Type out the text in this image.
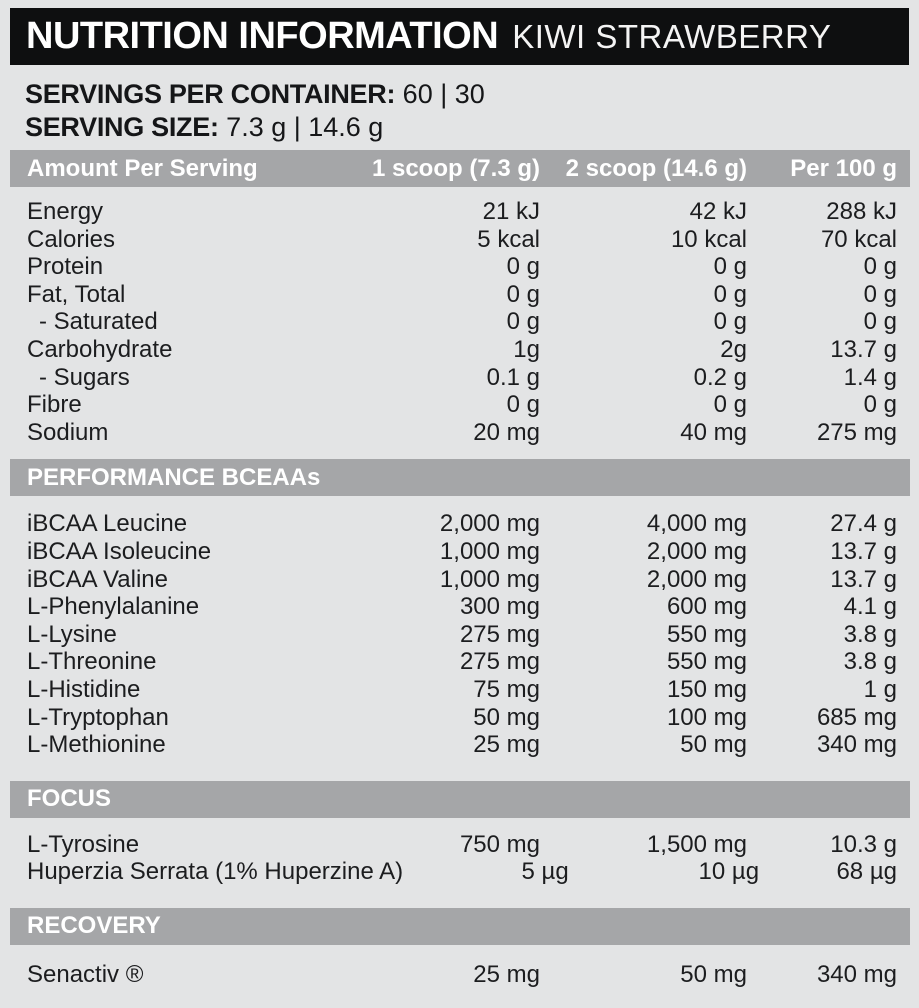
NUTRITION INFORMATION KIWI STRAWBERRY
SERVINGS PER CONTAINER: 60 | 30
SERVING SIZE: 7.3 g | 14.6 g
Amount Per Serving	1 scoop (7.3 g)	2 scoop (14.6 g)	Per 100 g
Energy	21 kJ	42 kJ	288 kJ
Calories	5 kcal	10 kcal	70 kcal
Protein	0 g	0 g	0 g
Fat, Total	0 g	0 g	0 g
- Saturated	0 g	0 g	0 g
Carbohydrate	1g	2g	13.7 g
- Sugars	0.1 g	0.2 g	1.4 g
Fibre	0 g	0 g	0 g
Sodium	20 mg	40 mg	275 mg
PERFORMANCE BCEAAs
iBCAA Leucine	2,000 mg	4,000 mg	27.4 g
iBCAA Isoleucine	1,000 mg	2,000 mg	13.7 g
iBCAA Valine	1,000 mg	2,000 mg	13.7 g
L-Phenylalanine	300 mg	600 mg	4.1 g
L-Lysine	275 mg	550 mg	3.8 g
L-Threonine	275 mg	550 mg	3.8 g
L-Histidine	75 mg	150 mg	1 g
L-Tryptophan	50 mg	100 mg	685 mg
L-Methionine	25 mg	50 mg	340 mg
FOCUS
L-Tyrosine	750 mg	1,500 mg	10.3 g
Huperzia Serrata (1% Huperzine A)	5 µg	10 µg	68 µg
RECOVERY
Senactiv ®	25 mg	50 mg	340 mg
